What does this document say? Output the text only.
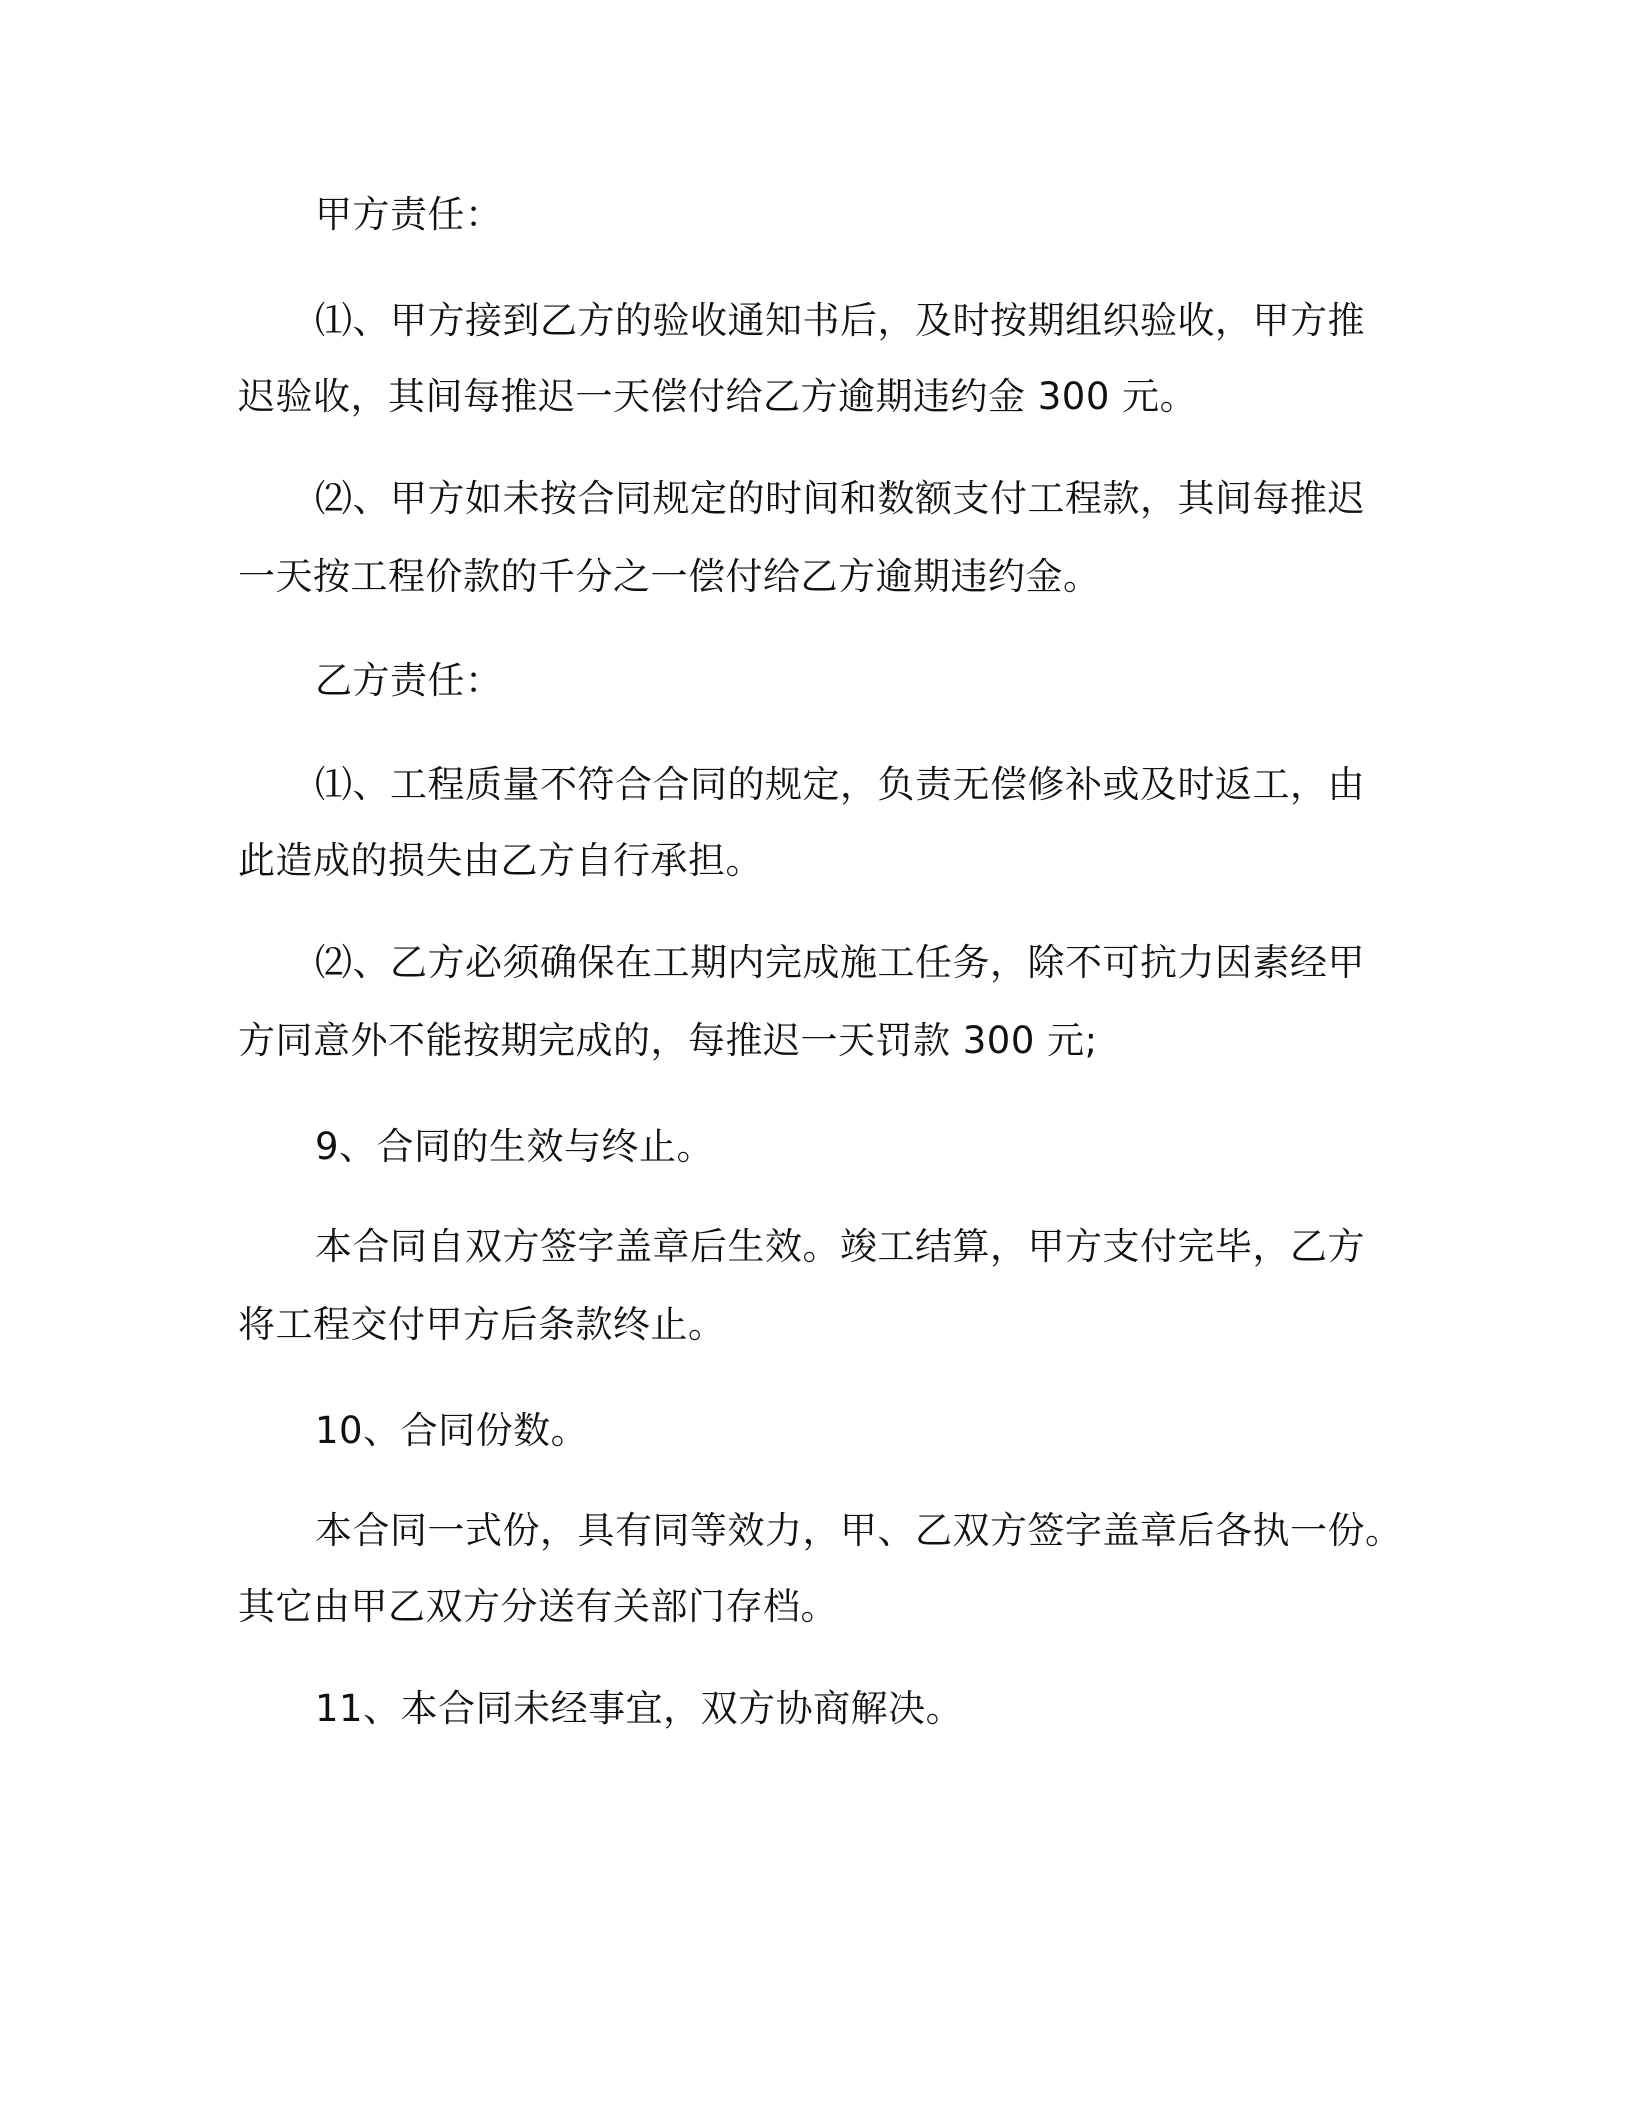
甲方责任：
⑴、甲方接到乙方的验收通知书后，及时按期组织验收，甲方推
迟验收，其间每推迟一天偿付给乙方逾期违约金 300 元。
⑵、甲方如未按合同规定的时间和数额支付工程款，其间每推迟
一天按工程价款的千分之一偿付给乙方逾期违约金。
乙方责任：
⑴、工程质量不符合合同的规定，负责无偿修补或及时返工，由
此造成的损失由乙方自行承担。
⑵、乙方必须确保在工期内完成施工任务，除不可抗力因素经甲
方同意外不能按期完成的，每推迟一天罚款 300 元;
9、合同的生效与终止。
本合同自双方签字盖章后生效。竣工结算，甲方支付完毕，乙方
将工程交付甲方后条款终止。
10、合同份数。
本合同一式份，具有同等效力，甲、乙双方签字盖章后各执一份。
其它由甲乙双方分送有关部门存档。
11、本合同未经事宜，双方协商解决。
